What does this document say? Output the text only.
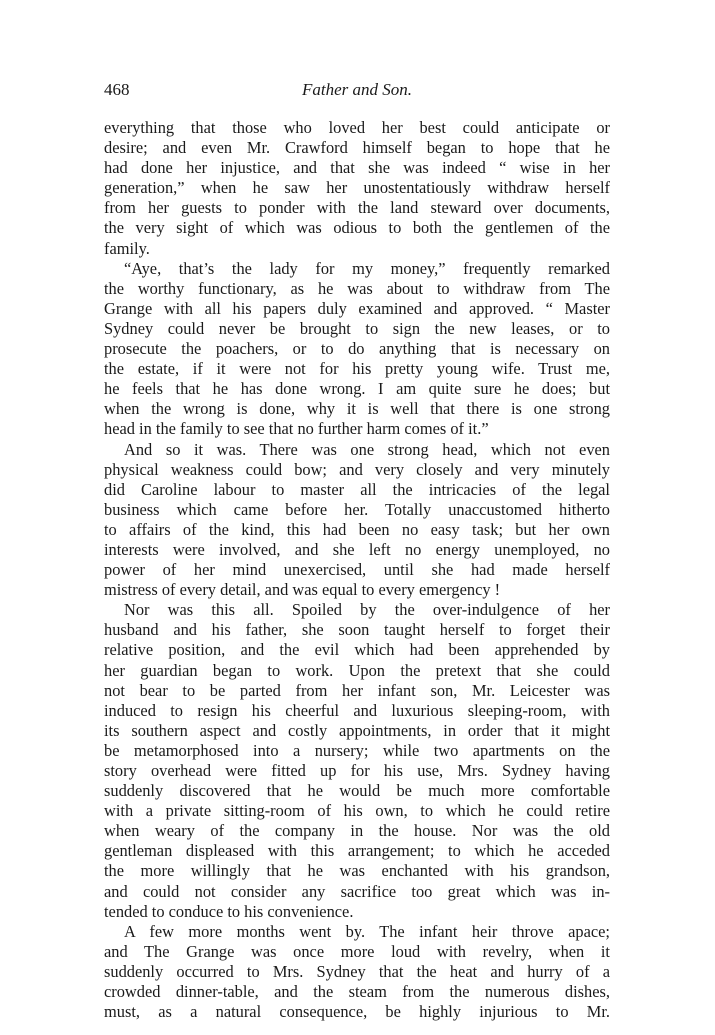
468	Father and Son.
everything that those who loved her best could anticipate or
desire; and even Mr. Crawford himself began to hope that he
had done her injustice, and that she was indeed “ wise in her
generation,” when he saw her unostentatiously withdraw herself
from her guests to ponder with the land steward over documents,
the very sight of which was odious to both the gentlemen of the
family.
“Aye, that’s the lady for my money,” frequently remarked
the worthy functionary, as he was about to withdraw from The
Grange with all his papers duly examined and approved. “ Master
Sydney could never be brought to sign the new leases, or to
prosecute the poachers, or to do anything that is necessary on
the estate, if it were not for his pretty young wife. Trust me,
he feels that he has done wrong. I am quite sure he does; but
when the wrong is done, why it is well that there is one strong
head in the family to see that no further harm comes of it.”
And so it was. There was one strong head, which not even
physical weakness could bow; and very closely and very minutely
did Caroline labour to master all the intricacies of the legal
business which came before her. Totally unaccustomed hitherto
to affairs of the kind, this had been no easy task; but her own
interests were involved, and she left no energy unemployed, no
power of her mind unexercised, until she had made herself
mistress of every detail, and was equal to every emergency !
Nor was this all. Spoiled by the over-indulgence of her
husband and his father, she soon taught herself to forget their
relative position, and the evil which had been apprehended by
her guardian began to work. Upon the pretext that she could
not bear to be parted from her infant son, Mr. Leicester was
induced to resign his cheerful and luxurious sleeping-room, with
its southern aspect and costly appointments, in order that it might
be metamorphosed into a nursery; while two apartments on the
story overhead were fitted up for his use, Mrs. Sydney having
suddenly discovered that he would be much more comfortable
with a private sitting-room of his own, to which he could retire
when weary of the company in the house. Nor was the old
gentleman displeased with this arrangement; to which he acceded
the more willingly that he was enchanted with his grandson,
and could not consider any sacrifice too great which was in-
tended to conduce to his convenience.
A few more months went by. The infant heir throve apace;
and The Grange was once more loud with revelry, when it
suddenly occurred to Mrs. Sydney that the heat and hurry of a
crowded dinner-table, and the steam from the numerous dishes,
must, as a natural consequence, be highly injurious to Mr.
